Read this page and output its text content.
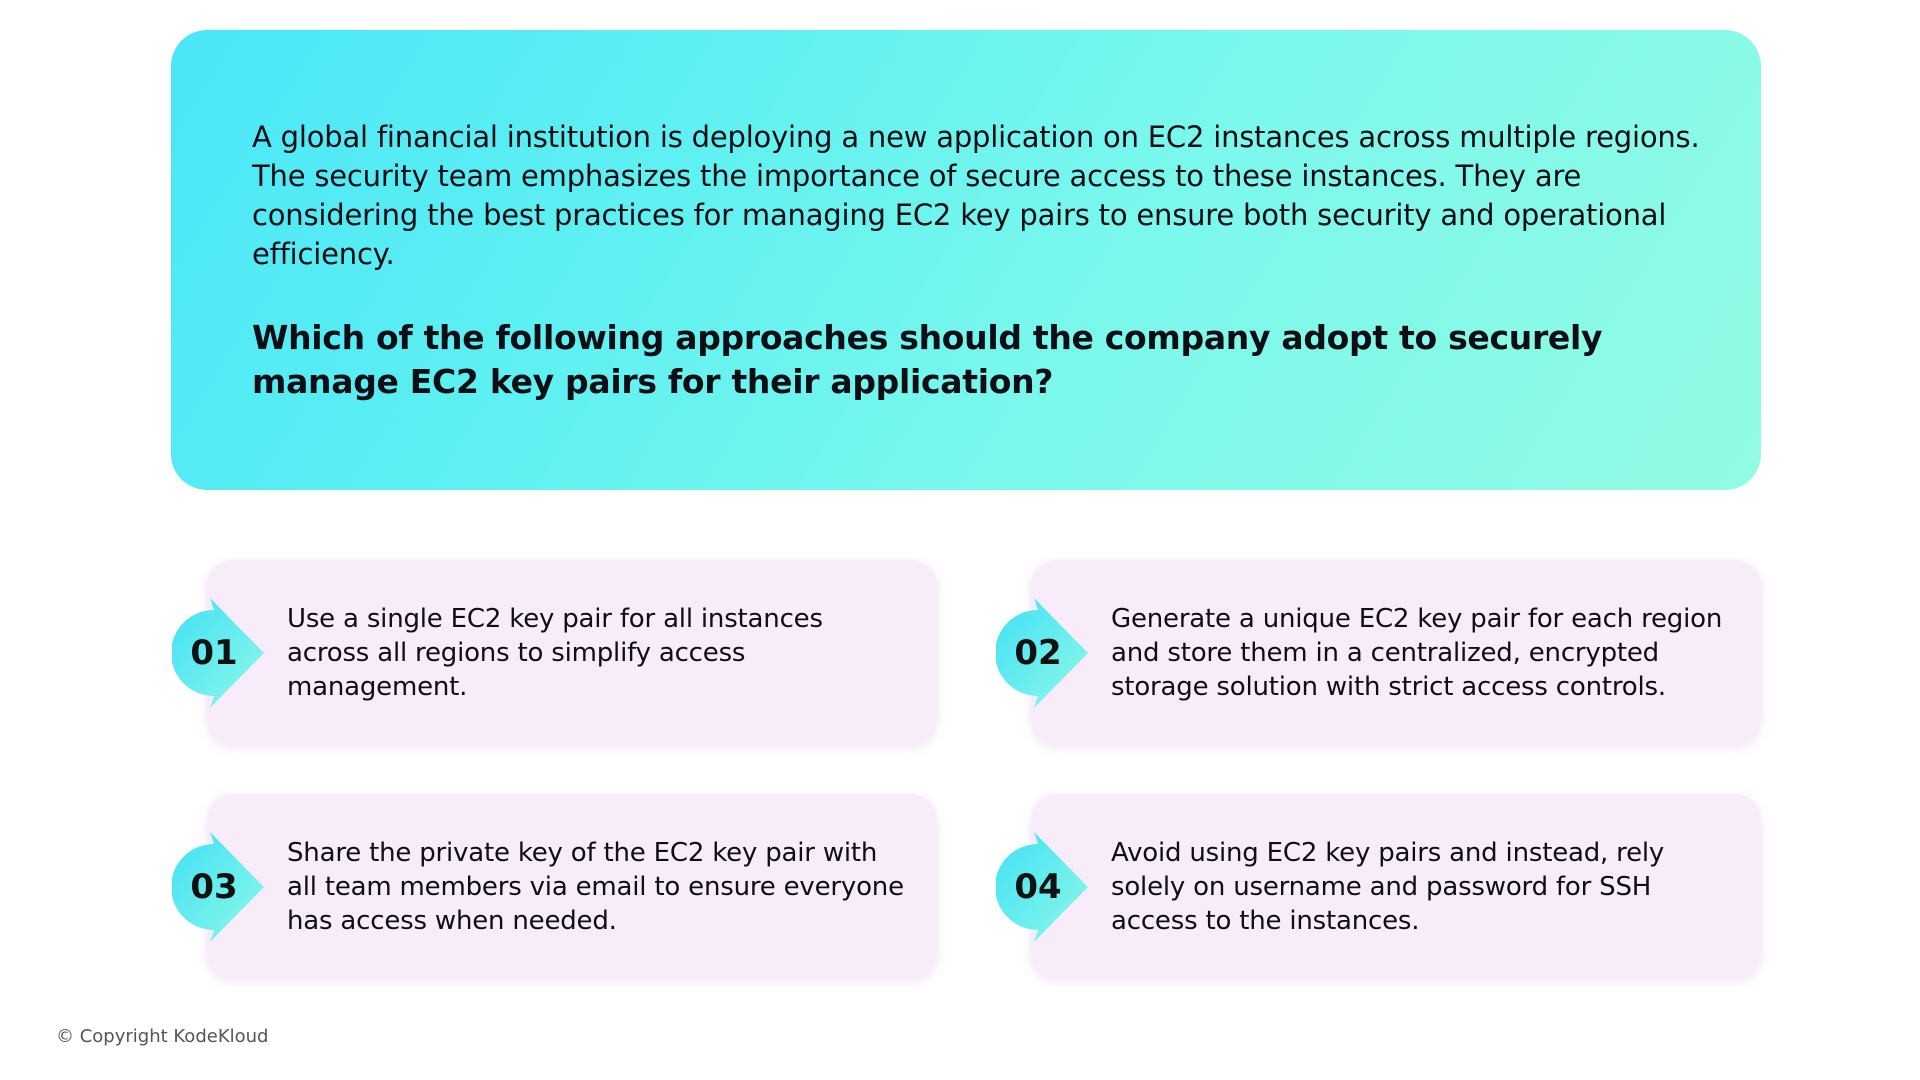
A global financial institution is deploying a new application on EC2 instances across multiple regions. The security team emphasizes the importance of secure access to these instances. They are considering the best practices for managing EC2 key pairs to ensure both security and operational efficiency.

Which of the following approaches should the company adopt to securely manage EC2 key pairs for their application?

Use a single EC2 key pair for all instances across all regions to simplify access management.
01
Generate a unique EC2 key pair for each region and store them in a centralized, encrypted storage solution with strict access controls.
02
Share the private key of the EC2 key pair with all team members via email to ensure everyone has access when needed.
03
Avoid using EC2 key pairs and instead, rely solely on username and password for SSH access to the instances.
04
© Copyright KodeKloud
